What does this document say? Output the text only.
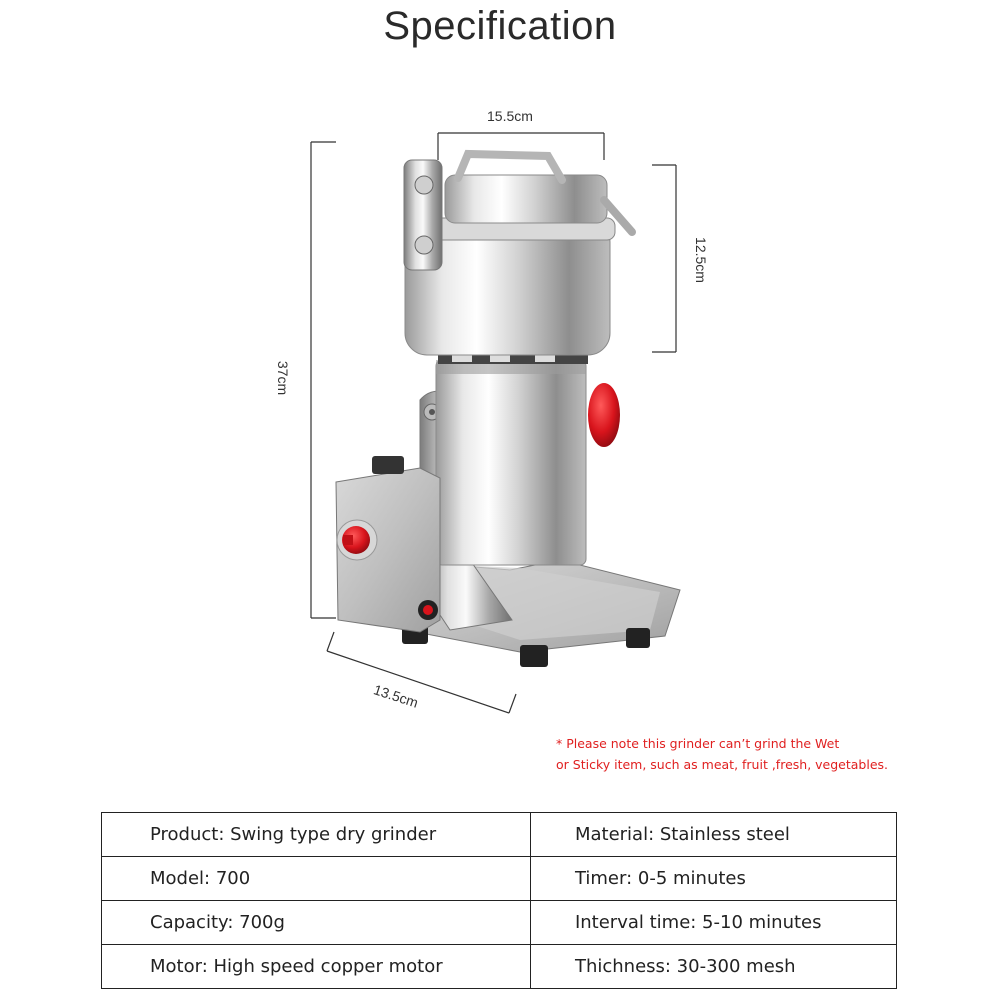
Specification
15.5cm
12.5cm
37cm
13.5cm
* Please note this grinder can’t grind the Wet
or Sticky item, such as meat, fruit ,fresh, vegetables.
Product: Swing type dry grinder	Material: Stainless steel
Model: 700	Timer: 0-5 minutes
Capacity: 700g	Interval time: 5-10 minutes
Motor: High speed copper motor	Thichness: 30-300 mesh
